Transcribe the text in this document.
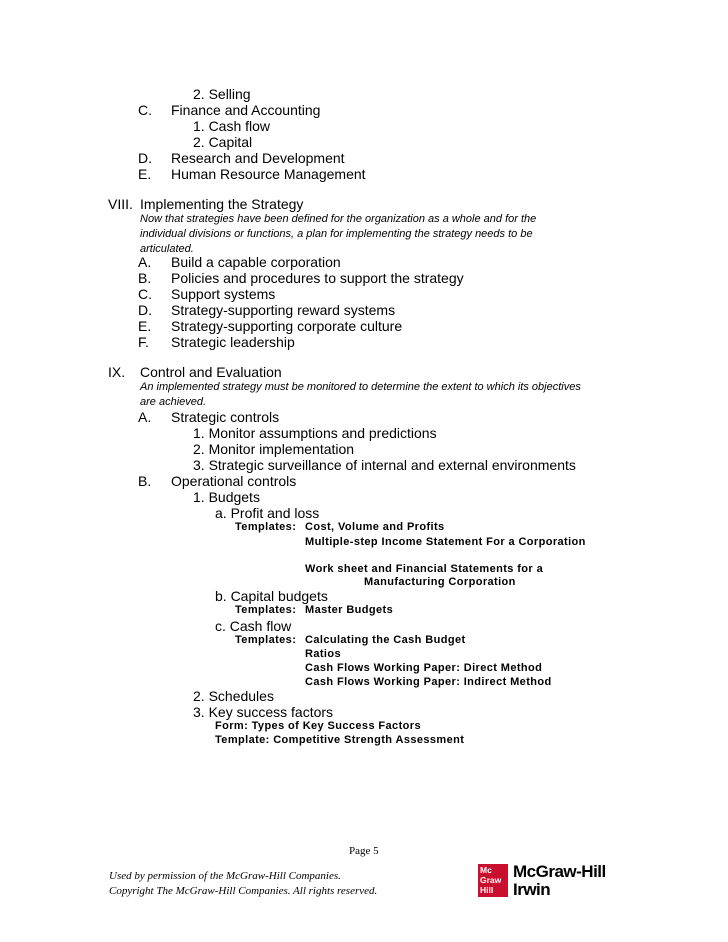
2. Selling
C. Finance and Accounting
1. Cash flow
2. Capital
D. Research and Development
E. Human Resource Management
VIII. Implementing the Strategy
Now that strategies have been defined for the organization as a whole and for the
individual divisions or functions, a plan for implementing the strategy needs to be
articulated.
A. Build a capable corporation
B. Policies and procedures to support the strategy
C. Support systems
D. Strategy-supporting reward systems
E. Strategy-supporting corporate culture
F. Strategic leadership
IX. Control and Evaluation
An implemented strategy must be monitored to determine the extent to which its objectives
are achieved.
A. Strategic controls
1. Monitor assumptions and predictions
2. Monitor implementation
3. Strategic surveillance of internal and external environments
B. Operational controls
1. Budgets
a. Profit and loss
Templates: Cost, Volume and Profits
Multiple-step Income Statement For a Corporation
Work sheet and Financial Statements for a
Manufacturing Corporation
b. Capital budgets
Templates: Master Budgets
c. Cash flow
Templates: Calculating the Cash Budget
Ratios
Cash Flows Working Paper: Direct Method
Cash Flows Working Paper: Indirect Method
2. Schedules
3. Key success factors
Form: Types of Key Success Factors
Template: Competitive Strength Assessment
Page 5
Used by permission of the McGraw-Hill Companies.
Copyright The McGraw-Hill Companies. All rights reserved.
Mc
Graw
Hill
McGraw-Hill
Irwin
